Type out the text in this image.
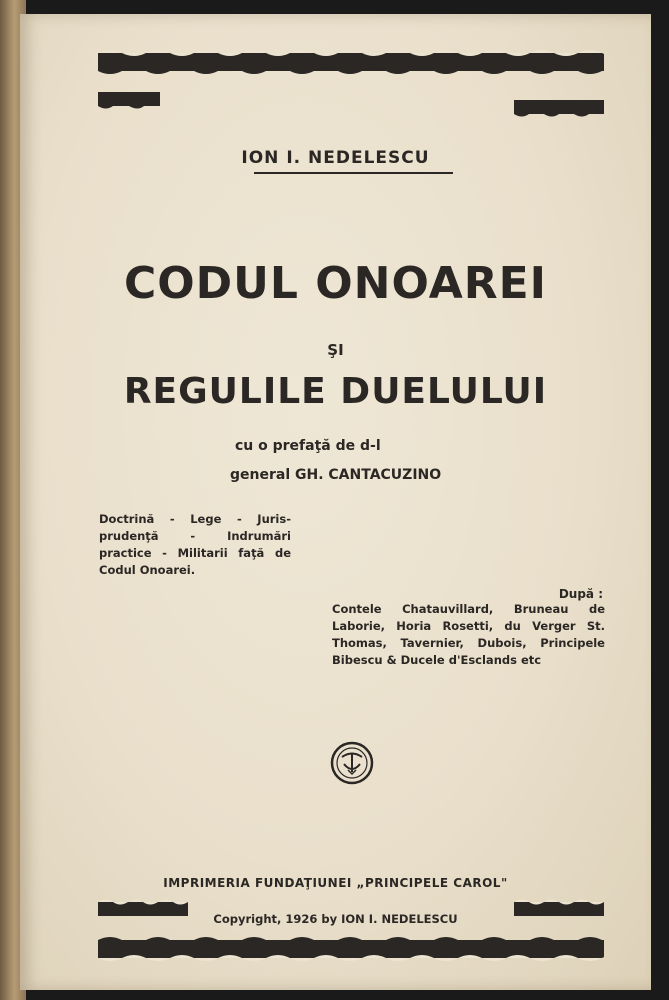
ION I. NEDELESCU
CODUL ONOAREI
ŞI
REGULILE DUELULUI
cu o prefaţă de d-l
general GH. CANTACUZINO
Doctrină - Lege - Juris- prudenţă - Indrumări practice - Militarii faţă de Codul Onoarei.
După :
Contele Chatauvillard, Bruneau de Laborie, Horia Rosetti, du Verger St. Thomas, Tavernier, Dubois, Principele Bibescu & Ducele d'Esclands etc
IMPRIMERIA FUNDAŢIUNEI „PRINCIPELE CAROL"
Copyright, 1926 by ION I. NEDELESCU
